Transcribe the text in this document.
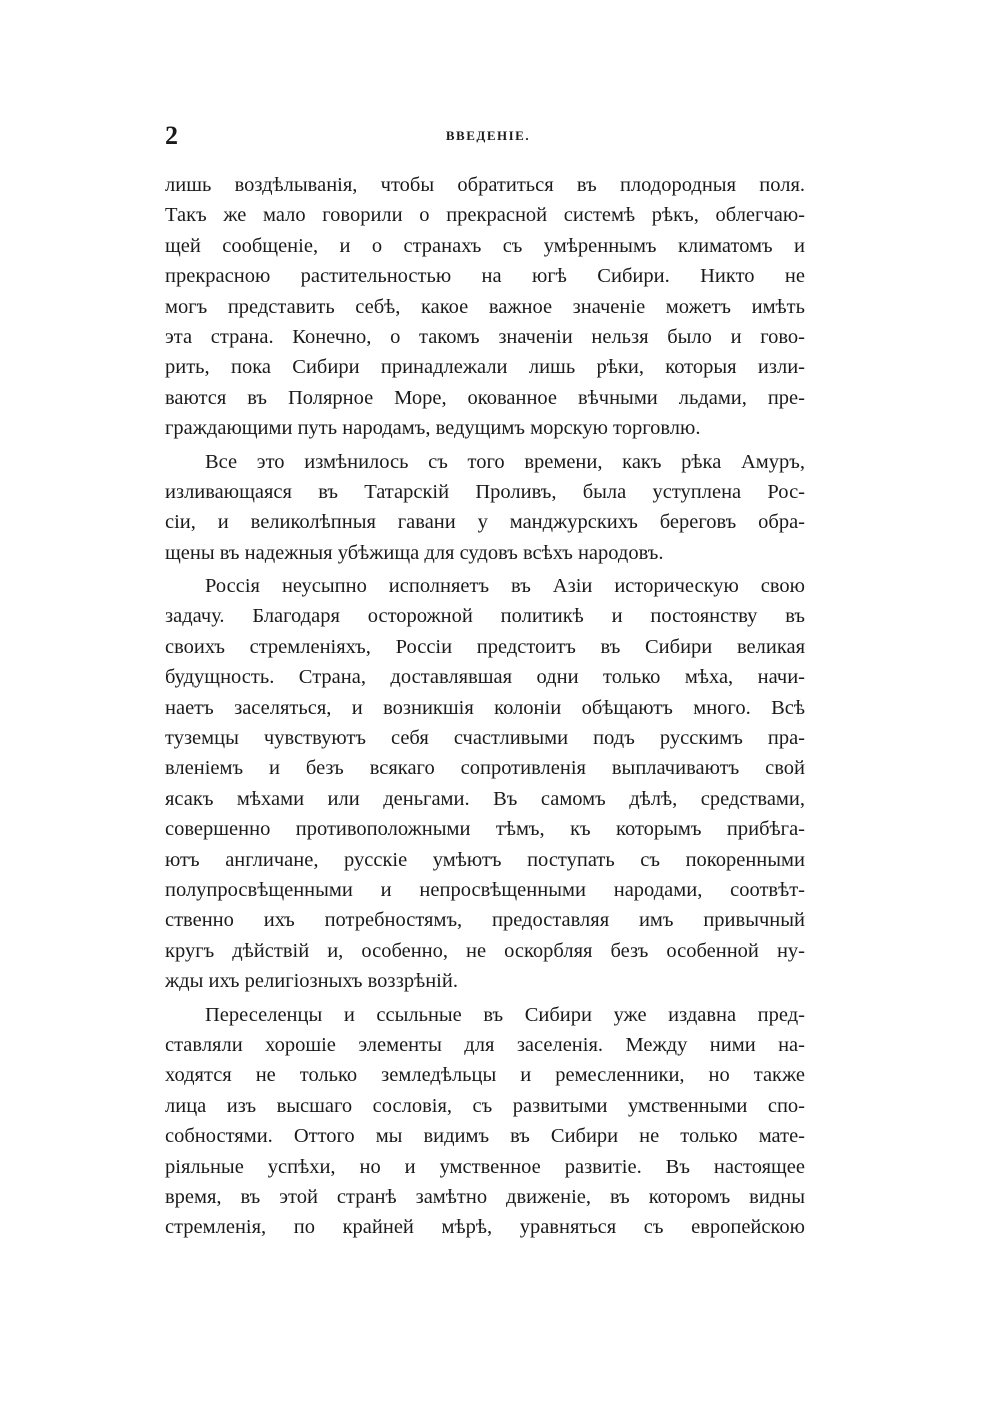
2	ВВЕДЕНІЕ.
лишь воздѣлыванія, чтобы обратиться въ плодородныя поля.
Такъ же мало говорили о прекрасной системѣ рѣкъ, облегчаю-
щей сообщеніе, и о странахъ съ умѣреннымъ климатомъ и
прекрасною растительностью на югѣ Сибири. Никто не
могъ представить себѣ, какое важное значеніе можетъ имѣть
эта страна. Конечно, о такомъ значеніи нельзя было и гово-
рить, пока Сибири принадлежали лишь рѣки, которыя изли-
ваются въ Полярное Море, окованное вѣчными льдами, пре-
граждающими путь народамъ, ведущимъ морскую торговлю.
Все это измѣнилось съ того времени, какъ рѣка Амуръ,
изливающаяся въ Татарскій Проливъ, была уступлена Рос-
сіи, и великолѣпныя гавани у манджурскихъ береговъ обра-
щены въ надежныя убѣжища для судовъ всѣхъ народовъ.
Россія неусыпно исполняетъ въ Азіи историческую свою
задачу. Благодаря осторожной политикѣ и постоянству въ
своихъ стремленіяхъ, Россіи предстоитъ въ Сибири великая
будущность. Страна, доставлявшая одни только мѣха, начи-
наетъ заселяться, и возникшія колоніи обѣщаютъ много. Всѣ
туземцы чувствуютъ себя счастливыми подъ русскимъ пра-
вленіемъ и безъ всякаго сопротивленія выплачиваютъ свой
ясакъ мѣхами или деньгами. Въ самомъ дѣлѣ, средствами,
совершенно противоположными тѣмъ, къ которымъ прибѣга-
ютъ англичане, русскіе умѣютъ поступать съ покоренными
полупросвѣщенными и непросвѣщенными народами, соотвѣт-
ственно ихъ потребностямъ, предоставляя имъ привычный
кругъ дѣйствій и, особенно, не оскорбляя безъ особенной ну-
жды ихъ религіозныхъ воззрѣній.
Переселенцы и ссыльные въ Сибири уже издавна пред-
ставляли хорошіе элементы для заселенія. Между ними на-
ходятся не только земледѣльцы и ремесленники, но также
лица изъ высшаго сословія, съ развитыми умственными спо-
собностями. Оттого мы видимъ въ Сибири не только мате-
ріяльные успѣхи, но и умственное развитіе. Въ настоящее
время, въ этой странѣ замѣтно движеніе, въ которомъ видны
стремленія, по крайней мѣрѣ, уравняться съ европейскою
